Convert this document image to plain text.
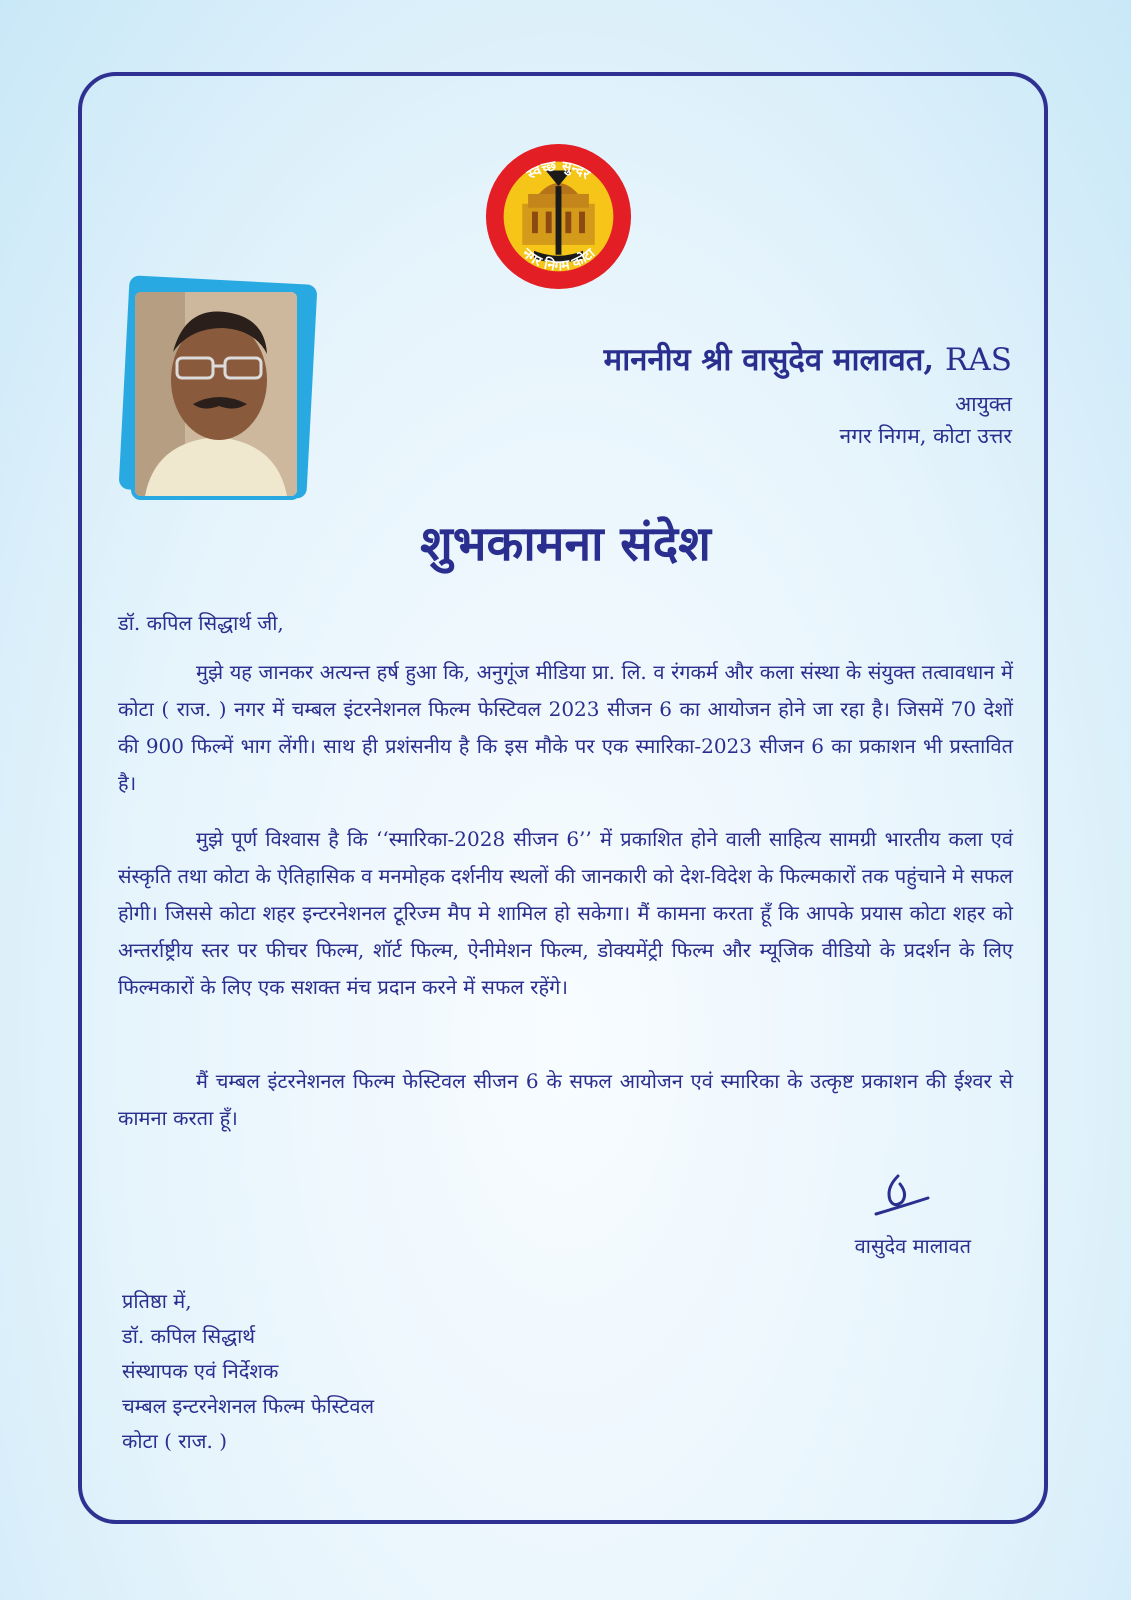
स्वच्छ सुन्दर
नगर निगम कोटा
माननीय श्री वासुदेव मालावत, RAS
आयुक्त
नगर निगम, कोटा उत्तर
शुभकामना संदेश
डॉ. कपिल सिद्धार्थ जी,

मुझे यह जानकर अत्यन्त हर्ष हुआ कि, अनुगूंज मीडिया प्रा. लि. व रंगकर्म और कला संस्था के संयुक्त तत्वावधान में कोटा ( राज. ) नगर में चम्बल इंटरनेशनल फिल्म फेस्टिवल 2023 सीजन 6 का आयोजन होने जा रहा है। जिसमें 70 देशों की 900 फिल्में भाग लेंगी। साथ ही प्रशंसनीय है कि इस मौके पर एक स्मारिका-2023 सीजन 6 का प्रकाशन भी प्रस्तावित है।

मुझे पूर्ण विश्वास है कि ‘‘स्मारिका-2028 सीजन 6’’ में प्रकाशित होने वाली साहित्य सामग्री भारतीय कला एवं संस्कृति तथा कोटा के ऐतिहासिक व मनमोहक दर्शनीय स्थलों की जानकारी को देश-विदेश के फिल्मकारों तक पहुंचाने मे सफल होगी। जिससे कोटा शहर इन्टरनेशनल टूरिज्म मैप मे शामिल हो सकेगा। मैं कामना करता हूँ कि आपके प्रयास कोटा शहर को अन्तर्राष्ट्रीय स्तर पर फीचर फिल्म, शॉर्ट फिल्म, ऐनीमेशन फिल्म, डोक्यमेंट्री फिल्म और म्यूजिक वीडियो के प्रदर्शन के लिए फिल्मकारों के लिए एक सशक्त मंच प्रदान करने में सफल रहेंगे।

मैं चम्बल इंटरनेशनल फिल्म फेस्टिवल सीजन 6 के सफल आयोजन एवं स्मारिका के उत्कृष्ट प्रकाशन की ईश्वर से कामना करता हूँ।

वासुदेव मालावत
प्रतिष्ठा में,
डॉ. कपिल सिद्धार्थ
संस्थापक एवं निर्देशक
चम्बल इन्टरनेशनल फिल्म फेस्टिवल
कोटा ( राज. )
